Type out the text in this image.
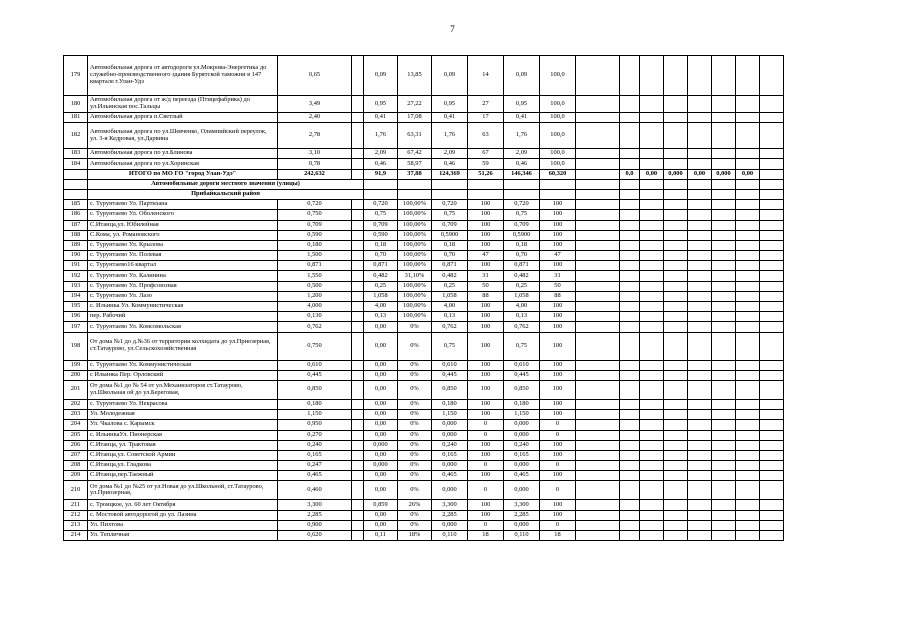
7
179	Автомобильная дорога от автодороги ул.Мокрова-Энергетика до служебно-производственного здания Бурятской таможни в 147 квартале г.Улан-Удэ	0,65		0,09	13,85	0,09	14	0,09	100,0								
180	Автомобильная дорога от ж/д переезда (Птицефабрика) до ул.Ильинская пос.Тальцы	3,49		0,95	27,22	0,95	27	0,95	100,0								
181	Автомобильная дорога п.Светлый	2,40		0,41	17,08	0,41	17	0,41	100,0								
182	Автомобильная дорога по ул.Шевченко, Олимпийский переулок, ул. 3-я Кедровая, ул.Дарвина	2,78		1,76	63,31	1,76	63	1,76	100,0								
183	Автомобильная дорога по ул.Блинова	3,10		2,09	67,42	2,09	67	2,09	100,0								
184	Автомобильная дорога по ул.Хоринская	0,78		0,46	58,97	0,46	59	0,46	100,0								
	ИТОГО по МО ГО "город Улан-Удэ"	242,632		91,9	37,88	124,369	51,26	146,346	60,320		0,0	0,00	0,000	0,00	0,000	0,00	
	Автомобильные дороги местного значения (улицы)																
	Прибайкальский район																
185	с. Турунтаево Ул. Партизана	0,720		0,720	100,00%	0,720	100	0,720	100								
186	с. Турунтаево Ул. Оболенского	0,750		0,75	100,00%	0,75	100	0,75	100								
187	С.Итанца,ул. Юбилейная	0,709		0,709	100,00%	0,709	100	0,709	100								
188	С.Кома, ул. Романовского	0,590		0,590	100,00%	0,5900	100	0,5900	100								
189	с. Турунтаево Ул. Крылова	0,180		0,18	100,00%	0,18	100	0,18	100								
190	с. Турунтаево Ул. Полевая	1,500		0,70	100,00%	0,70	47	0,70	47								
191	с. Турунтаево16 квартал	0,871		0,871	100,00%	0,871	100	0,871	100								
192	с. Турунтаево Ул. Калинина	1,550		0,482	31,10%	0,482	31	0,482	31								
193	с. Турунтаево Ул. Профсоюзная	0,500		0,25	100,00%	0,25	50	0,25	50								
194	с. Турунтаево Ул. Лазо	1,200		1,058	100,00%	1,058	88	1,058	88								
195	с. Ильинка Ул. Коммунистическая	4,000		4,00	100,00%	4,00	100	4,00	100								
196	пер. Рабочий	0,130		0,13	100,00%	0,13	100	0,13	100								
197	с. Турунтаево Ул. Комсомольская	0,762		0,00	0%	0,762	100	0,762	100								
198	От дома №1 до д.№36 от территории колхидата до ул.Приозерная, ст.Татаурово, ул.Сельскохозяйственная	0,750		0,00	0%	0,75	100	0,75	100								
199	с. Турунтаево Ул. Коммунистическая	0,610		0,00	0%	0,610	100	0,610	100								
200	с Ильинка Пер. Орловский	0,445		0,00	0%	0,445	100	0,445	100								
201	От дома №1 до № 54 от ул.Механизаторов ст.Татаурово, ул.Школьная ой до ул.Береговая,	0,850		0,00	0%	0,850	100	0,850	100								
202	с. Турунтаево Ул. Некрасова	0,180		0,00	0%	0,180	100	0,180	100								
203	Ул. Молодежная	1,150		0,00	0%	1,150	100	1,150	100								
204	Ул. Чкалова с. Карымск	0,950		0,00	0%	0,000	0	0,000	0								
205	с. ИльинкаУл. Пионерская	0,270		0,00	0%	0,000	0	0,000	0								
206	С.Итанца, ул. Трактовая	0,240		0,000	0%	0,240	100	0,240	100								
207	С.Итанца,ул. Советской Армии	0,165		0,00	0%	0,165	100	0,165	100								
208	С.Итанца,ул. Гладкова	0,247		0,000	0%	0,000	0	0,000	0								
209	С.Итанца,пер.Таежный	0,465		0,00	0%	0,465	100	0,465	100								
210	От дома №1 до №25 от ул.Новая до ул.Школьной, ст.Татаурово, ул.Приозерная,	0,460		0,00	0%	0,000	0	0,000	0								
211	с. Троицкое, ул. 60 лет Октября	3,300		0,859	26%	3,300	100	3,300	100								
212	с. Мостовой автодорогой до ул. Лазина	2,285		0,00	0%	2,285	100	2,285	100								
213	Ул. Пихтова	0,900		0,00	0%	0,000	0	0,000	0								
214	Ул. Тепличная	0,620		0,11	18%	0,110	18	0,110	18								
